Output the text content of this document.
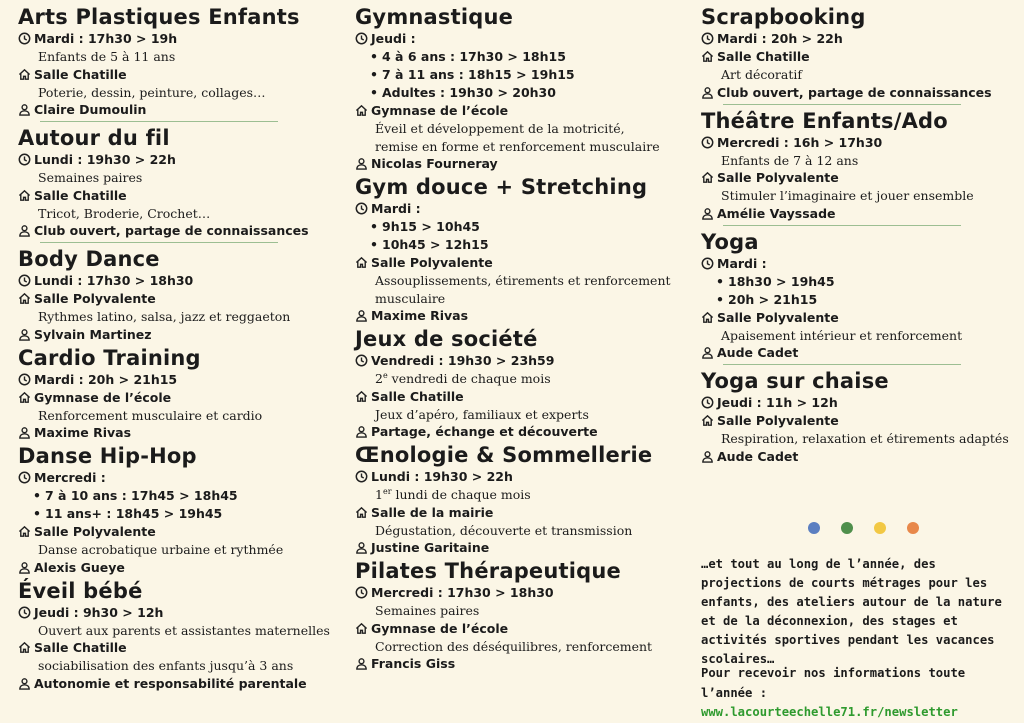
Arts Plastiques Enfants
Mardi : 17h30 > 19h
Enfants de 5 à 11 ans
Salle Chatille
Poterie, dessin, peinture, collages…
Claire Dumoulin
Autour du fil
Lundi : 19h30 > 22h
Semaines paires
Salle Chatille
Tricot, Broderie, Crochet…
Club ouvert, partage de connaissances
Body Dance
Lundi : 17h30 > 18h30
Salle Polyvalente
Rythmes latino, salsa, jazz et reggaeton
Sylvain Martinez
Cardio Training
Mardi : 20h > 21h15
Gymnase de l’école
Renforcement musculaire et cardio
Maxime Rivas
Danse Hip-Hop
Mercredi :
• 7 à 10 ans : 17h45 > 18h45
• 11 ans+ : 18h45 > 19h45
Salle Polyvalente
Danse acrobatique urbaine et rythmée
Alexis Gueye
Éveil bébé
Jeudi : 9h30 > 12h
Ouvert aux parents et assistantes maternelles
Salle Chatille
sociabilisation des enfants jusqu’à 3 ans
Autonomie et responsabilité parentale
Gymnastique
Jeudi :
• 4 à 6 ans : 17h30 > 18h15
• 7 à 11 ans : 18h15 > 19h15
• Adultes : 19h30 > 20h30
Gymnase de l’école
Éveil et développement de la motricité,
remise en forme et renforcement musculaire
Nicolas Fourneray
Gym douce + Stretching
Mardi :
• 9h15 > 10h45
• 10h45 > 12h15
Salle Polyvalente
Assouplissements, étirements et renforcement
musculaire
Maxime Rivas
Jeux de société
Vendredi : 19h30 > 23h59
2e vendredi de chaque mois
Salle Chatille
Jeux d’apéro, familiaux et experts
Partage, échange et découverte
Œnologie & Sommellerie
Lundi : 19h30 > 22h
1er lundi de chaque mois
Salle de la mairie
Dégustation, découverte et transmission
Justine Garitaine
Pilates Thérapeutique
Mercredi : 17h30 > 18h30
Semaines paires
Gymnase de l’école
Correction des déséquilibres, renforcement
Francis Giss
Scrapbooking
Mardi : 20h > 22h
Salle Chatille
Art décoratif
Club ouvert, partage de connaissances
Théâtre Enfants/Ado
Mercredi : 16h > 17h30
Enfants de 7 à 12 ans
Salle Polyvalente
Stimuler l’imaginaire et jouer ensemble
Amélie Vayssade
Yoga
Mardi :
• 18h30 > 19h45
• 20h > 21h15
Salle Polyvalente
Apaisement intérieur et renforcement
Aude Cadet
Yoga sur chaise
Jeudi : 11h > 12h
Salle Polyvalente
Respiration, relaxation et étirements adaptés
Aude Cadet
…et tout au long de l’année, des projections de courts métrages pour les enfants, des ateliers autour de la nature et de la déconnexion, des stages et activités sportives pendant les vacances scolaires…
Pour recevoir nos informations toute l’année :
www.lacourteechelle71.fr/newsletter
